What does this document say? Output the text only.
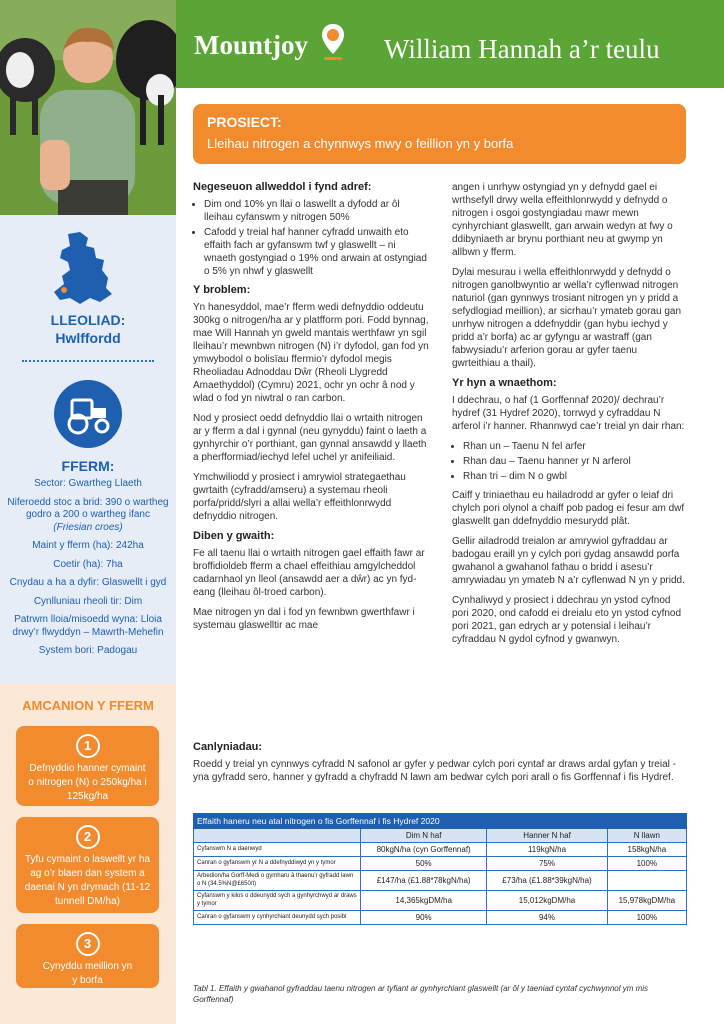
LLEOLIAD:
Hwlffordd
FFERM:
Sector: Gwartheg Llaeth
Niferoedd stoc a brid: 390 o wartheg godro a 200 o wartheg ifanc
(Friesian croes)
Maint y fferm (ha): 242ha
Coetir (ha): 7ha
Cnydau a ha a dyfir: Glaswellt i gyd
Cynlluniau rheoli tir: Dim
Patrwm lloia/misoedd wyna: Lloia drwy’r flwyddyn – Mawrth-Mehefin
System bori: Padogau
AMCANION Y FFERM
1
Defnyddio hanner cymaint o nitrogen (N) o 250kg/ha i 125kg/ha
2
Tyfu cymaint o laswellt yr ha ag o’r blaen dan system a daenai N yn drymach (11-12 tunnell DM/ha)
3
Cynyddu meillion yn y borfa
Mountjoy	William Hannah a’r teulu
PROSIECT:
Lleihau nitrogen a chynnwys mwy o feillion yn y borfa
Negeseuon allweddol i fynd adref:
• Dim ond 10% yn llai o laswellt a dyfodd ar ôl lleihau cyfanswm y nitrogen 50%
• Cafodd y treial haf hanner cyfradd unwaith eto effaith fach ar gyfanswm twf y glaswellt – ni wnaeth gostyngiad o 19% ond arwain at ostyngiad o 5% yn nhwf y glaswellt
Y broblem:

Yn hanesyddol, mae’r fferm wedi defnyddio oddeutu 300kg o nitrogen/ha ar y platfform pori. Fodd bynnag, mae Will Hannah yn gweld mantais werthfawr yn sgil lleihau’r mewnbwn nitrogen (N) i’r dyfodol, gan fod yn ymwybodol o bolisïau ffermio’r dyfodol megis Rheoliadau Adnoddau Dŵr (Rheoli Llygredd Amaethyddol) (Cymru) 2021, ochr yn ochr â nod y wlad o fod yn niwtral o ran carbon.

Nod y prosiect oedd defnyddio llai o wrtaith nitrogen ar y fferm a dal i gynnal (neu gynyddu) faint o laeth a gynhyrchir o’r porthiant, gan gynnal ansawdd y llaeth a pherfformiad/iechyd lefel uchel yr anifeiliaid.

Ymchwiliodd y prosiect i amrywiol strategaethau gwrtaith (cyfradd/amseru) a systemau rheoli porfa/pridd/slyri a allai wella’r effeithlonrwydd defnyddio nitrogen.

Diben y gwaith:

Fe all taenu llai o wrtaith nitrogen gael effaith fawr ar broffidioldeb fferm a chael effeithiau amgylcheddol cadarnhaol yn lleol (ansawdd aer a dŵr) ac yn fyd-eang (lleihau ôl-troed carbon).

Mae nitrogen yn dal i fod yn fewnbwn gwerthfawr i systemau glaswelltir ac mae

angen i unrhyw ostyngiad yn y defnydd gael ei wrthsefyll drwy wella effeithlonrwydd y defnydd o nitrogen i osgoi gostyngiadau mawr mewn cynhyrchiant glaswellt, gan arwain wedyn at fwy o ddibyniaeth ar brynu porthiant neu at gwymp yn allbwn y fferm.

Dylai mesurau i wella effeithlonrwydd y defnydd o nitrogen ganolbwyntio ar wella’r cyflenwad nitrogen naturiol (gan gynnwys trosiant nitrogen yn y pridd a sefydlogiad meillion), ar sicrhau’r ymateb gorau gan unrhyw nitrogen a ddefnyddir (gan hybu iechyd y pridd a’r borfa) ac ar gyfyngu ar wastraff (gan fabwysiadu’r arferion gorau ar gyfer taenu gwrteithiau a thail).

Yr hyn a wnaethom:

I ddechrau, o haf (1 Gorffennaf 2020)/ dechrau’r hydref (31 Hydref 2020), torrwyd y cyfraddau N arferol i’r hanner. Rhannwyd cae’r treial yn dair rhan:

• Rhan un – Taenu N fel arfer
• Rhan dau – Taenu hanner yr N arferol
• Rhan tri – dim N o gwbl

Caiff y triniaethau eu hailadrodd ar gyfer o leiaf dri chylch pori olynol a chaiff pob padog ei fesur am dwf glaswellt gan ddefnyddio mesurydd plât.

Gellir ailadrodd treialon ar amrywiol gyfraddau ar badogau eraill yn y cylch pori gydag ansawdd porfa gwahanol a gwahanol fathau o bridd i asesu’r amrywiadau yn ymateb N a’r cyflenwad N yn y pridd.

Cynhaliwyd y prosiect i ddechrau yn ystod cyfnod pori 2020, ond cafodd ei dreialu eto yn ystod cyfnod pori 2021, gan edrych ar y potensial i leihau’r cyfraddau N gydol cyfnod y gwanwyn.

Canlyniadau:
Roedd y treial yn cynnwys cyfradd N safonol ar gyfer y pedwar cylch pori cyntaf ar draws ardal gyfan y treial - yna gyfradd sero, hanner y gyfradd a chyfradd N lawn am bedwar cylch pori arall o fis Gorffennaf i fis Hydref.
Effaith haneru neu atal nitrogen o fis Gorffennaf i fis Hydref 2020			
	Dim N haf	Hanner N haf	N llawn
Cyfanswm N a daenwyd	80kgN/ha (cyn Gorffennaf)	119kgN/ha	158kgN/ha
Canran o gyfanswm yr N a ddefnyddiwyd yn y tymor	50%	75%	100%
Arbedion/ha Gorff-Medi o gymharu â thaenu’r gyfradd lawn o N (34.5%N@£650/t)	£147/ha (£1.88*78kgN/ha)	£73/ha (£1.88*39kgN/ha)	
Cyfanswm y kilos o ddeunydd sych a gynhyrchwyd ar draws y tymor	14,365kgDM/ha	15,012kgDM/ha	15,978kgDM/ha
Canran o gyfanswm y cynhyrchiant deunydd sych posibl	90%	94%	100%
Tabl 1. Effaith y gwahanol gyfraddau taenu nitrogen ar tyfiant ar gynhyrchiant glaswellt (ar ôl y taeniad cyntaf cychwynnol ym mis Gorffennaf)
